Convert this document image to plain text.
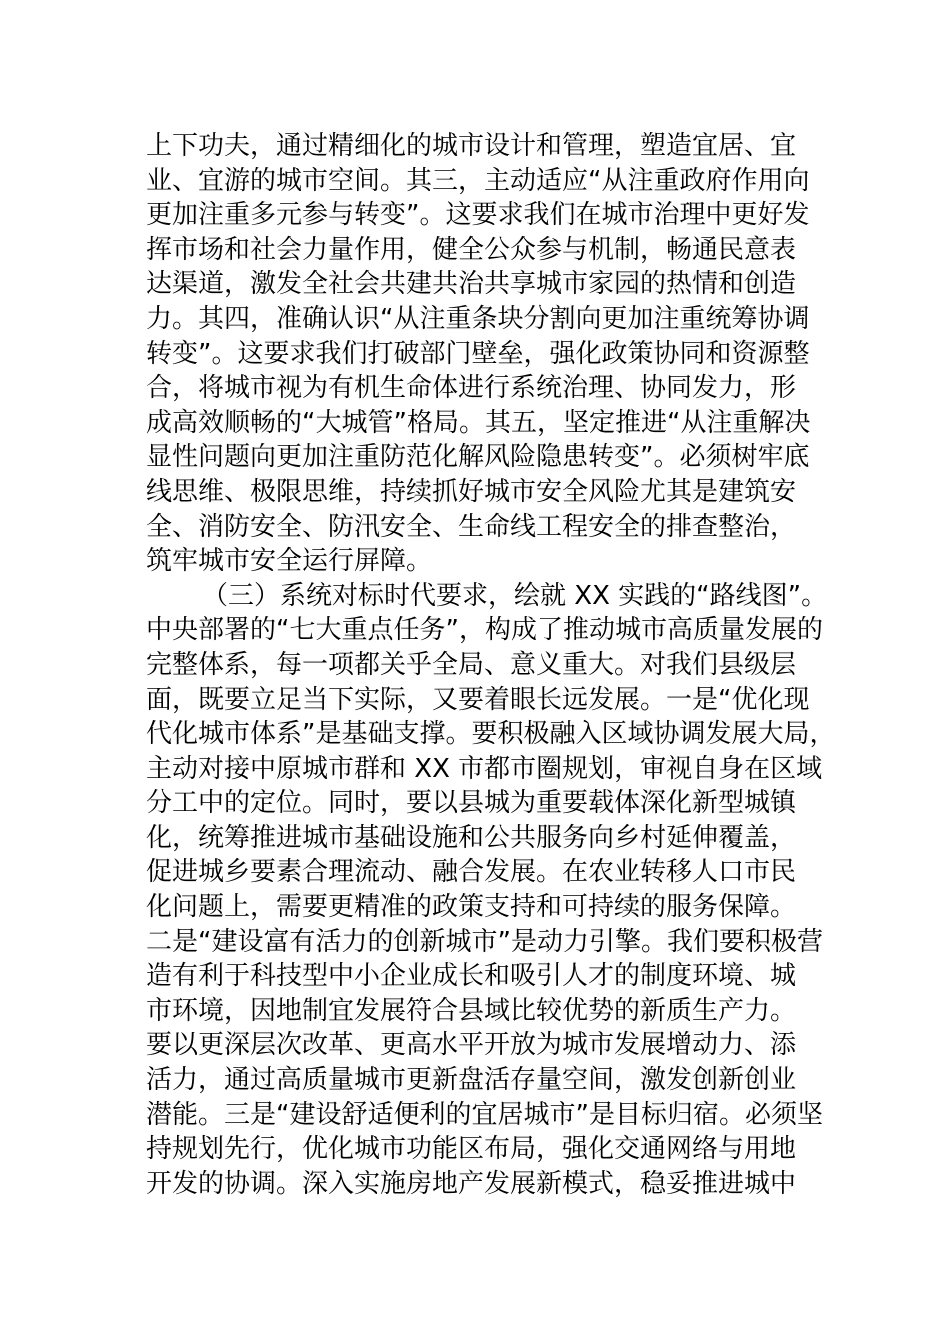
上下功夫，通过精细化的城市设计和管理，塑造宜居、宜
业、宜游的城市空间。其三，主动适应“从注重政府作用向
更加注重多元参与转变”。这要求我们在城市治理中更好发
挥市场和社会力量作用，健全公众参与机制，畅通民意表
达渠道，激发全社会共建共治共享城市家园的热情和创造
力。其四，准确认识“从注重条块分割向更加注重统筹协调
转变”。这要求我们打破部门壁垒，强化政策协同和资源整
合，将城市视为有机生命体进行系统治理、协同发力，形
成高效顺畅的“大城管”格局。其五，坚定推进“从注重解决
显性问题向更加注重防范化解风险隐患转变”。必须树牢底
线思维、极限思维，持续抓好城市安全风险尤其是建筑安
全、消防安全、防汛安全、生命线工程安全的排查整治，
筑牢城市安全运行屏障。
（三）系统对标时代要求，绘就 XX 实践的“路线图”。
中央部署的“七大重点任务”，构成了推动城市高质量发展的
完整体系，每一项都关乎全局、意义重大。对我们县级层
面，既要立足当下实际，又要着眼长远发展。一是“优化现
代化城市体系”是基础支撑。要积极融入区域协调发展大局，
主动对接中原城市群和 XX 市都市圈规划，审视自身在区域
分工中的定位。同时，要以县城为重要载体深化新型城镇
化，统筹推进城市基础设施和公共服务向乡村延伸覆盖，
促进城乡要素合理流动、融合发展。在农业转移人口市民
化问题上，需要更精准的政策支持和可持续的服务保障。
二是“建设富有活力的创新城市”是动力引擎。我们要积极营
造有利于科技型中小企业成长和吸引人才的制度环境、城
市环境，因地制宜发展符合县域比较优势的新质生产力。
要以更深层次改革、更高水平开放为城市发展增动力、添
活力，通过高质量城市更新盘活存量空间，激发创新创业
潜能。三是“建设舒适便利的宜居城市”是目标归宿。必须坚
持规划先行，优化城市功能区布局，强化交通网络与用地
开发的协调。深入实施房地产发展新模式，稳妥推进城中
